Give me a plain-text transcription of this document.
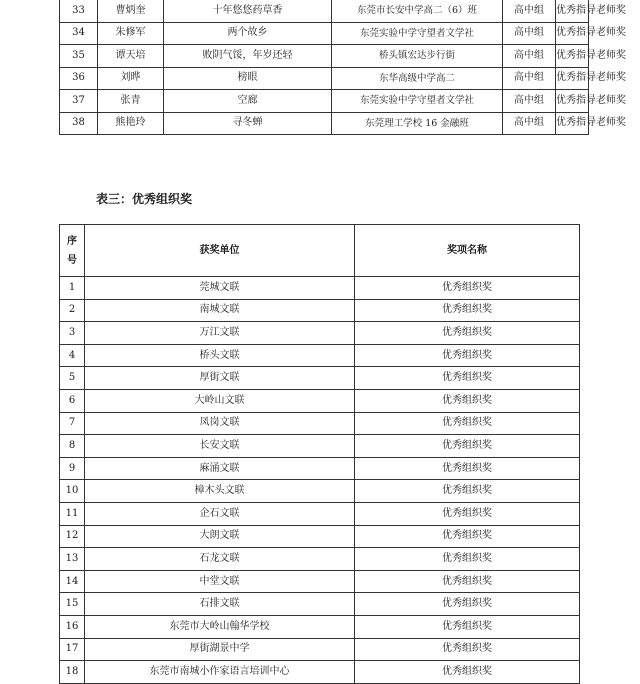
33	曹炳奎	十年悠悠药草香	东莞市长安中学高二（6）班	高中组	优秀指导老师奖
34	朱修军	两个故乡	东莞实验中学守望者文学社	高中组	优秀指导老师奖
35	谭天培	败阴气馁，年岁还轻	桥头镇宏达步行街	高中组	优秀指导老师奖
36	刘晔	榜眼	东华高级中学高二	高中组	优秀指导老师奖
37	张青	空廊	东莞实验中学守望者文学社	高中组	优秀指导老师奖
38	熊艳玲	寻冬蝉	东莞理工学校 16 金融班	高中组	优秀指导老师奖
表三：优秀组织奖
序
号	获奖单位	奖项名称
1	莞城文联	优秀组织奖
2	南城文联	优秀组织奖
3	万江文联	优秀组织奖
4	桥头文联	优秀组织奖
5	厚街文联	优秀组织奖
6	大岭山文联	优秀组织奖
7	凤岗文联	优秀组织奖
8	长安文联	优秀组织奖
9	麻涌文联	优秀组织奖
10	樟木头文联	优秀组织奖
11	企石文联	优秀组织奖
12	大朗文联	优秀组织奖
13	石龙文联	优秀组织奖
14	中堂文联	优秀组织奖
15	石排文联	优秀组织奖
16	东莞市大岭山翰华学校	优秀组织奖
17	厚街湖景中学	优秀组织奖
18	东莞市南城小作家语言培训中心	优秀组织奖
